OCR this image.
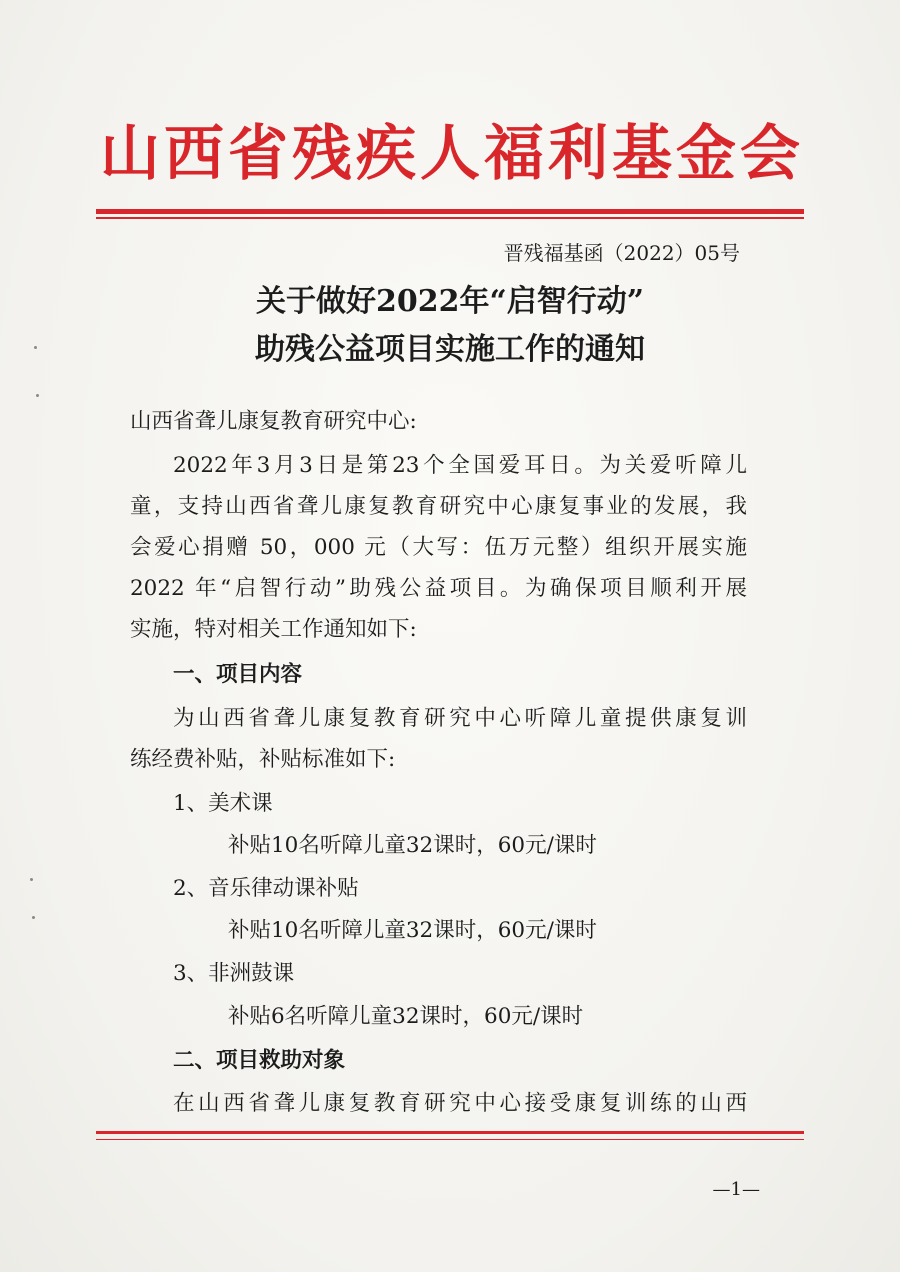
山西省残疾人福利基金会
晋残福基函（2022）05号
关于做好2022年“启智行动”
助残公益项目实施工作的通知
山西省聋儿康复教育研究中心:
2022年3月3日是第23个全国爱耳日。为关爱听障儿
童，支持山西省聋儿康复教育研究中心康复事业的发展，我
会爱心捐赠 50，000 元（大写：伍万元整）组织开展实施
2022 年“启智行动”助残公益项目。为确保项目顺利开展
实施，特对相关工作通知如下:
一、项目内容
为山西省聋儿康复教育研究中心听障儿童提供康复训
练经费补贴，补贴标准如下:
1、美术课
补贴10名听障儿童32课时，60元/课时
2、音乐律动课补贴
补贴10名听障儿童32课时，60元/课时
3、非洲鼓课
补贴6名听障儿童32课时，60元/课时
二、项目救助对象
在山西省聋儿康复教育研究中心接受康复训练的山西
—1—
